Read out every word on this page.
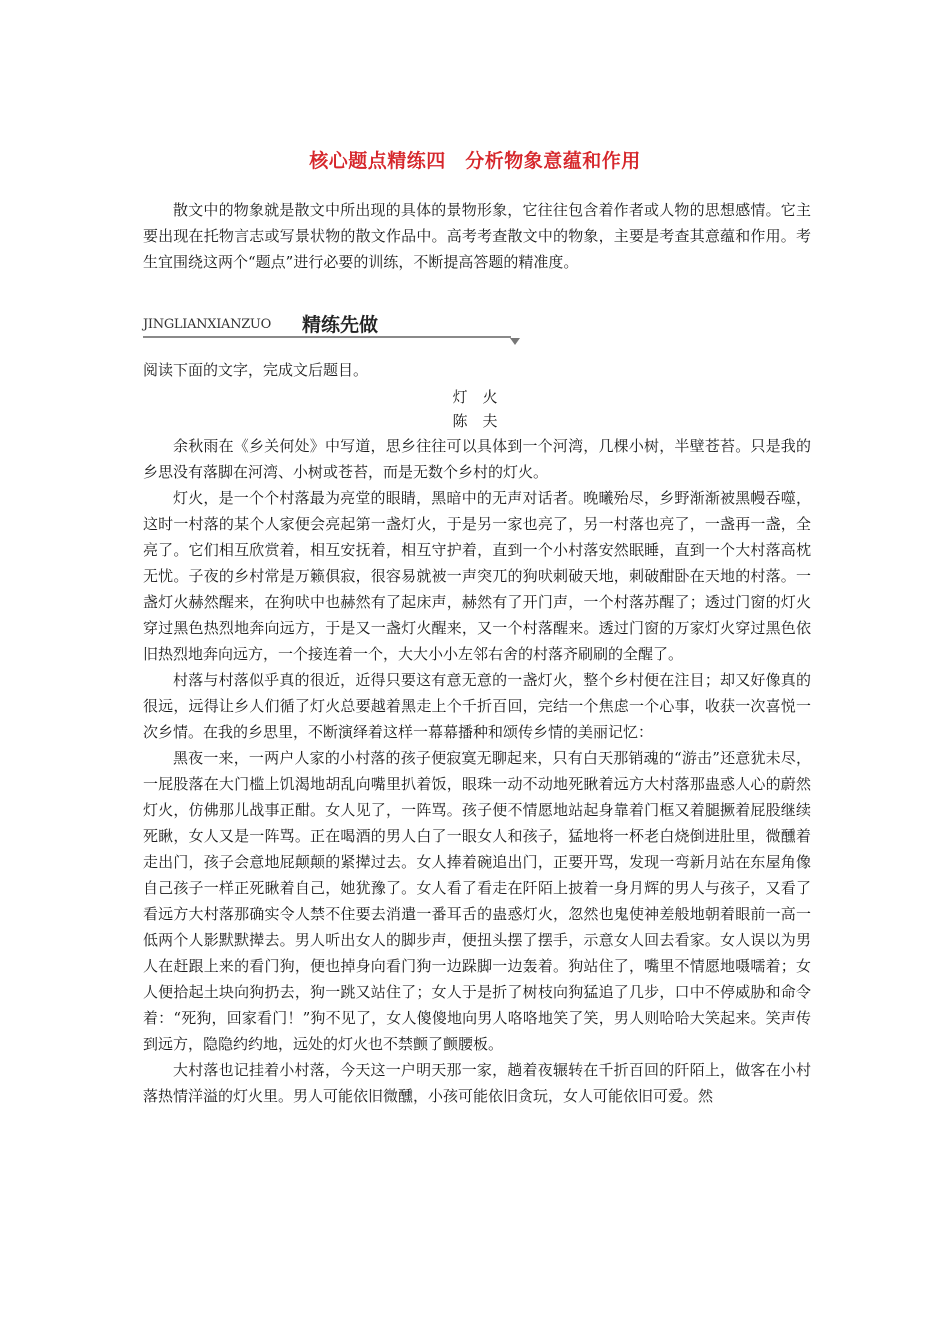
核心题点精练四　分析物象意蕴和作用

散文中的物象就是散文中所出现的具体的景物形象，它往往包含着作者或人物的思想感情。它主要出现在托物言志或写景状物的散文作品中。高考考查散文中的物象，主要是考查其意蕴和作用。考生宜围绕这两个“题点”进行必要的训练，不断提高答题的精准度。

JINGLIANXIANZUO 精练先做
阅读下面的文字，完成文后题目。
灯　火
陈　夫

余秋雨在《乡关何处》中写道，思乡往往可以具体到一个河湾，几棵小树，半壁苍苔。只是我的乡思没有落脚在河湾、小树或苍苔，而是无数个乡村的灯火。

灯火，是一个个村落最为亮堂的眼睛，黑暗中的无声对话者。晚曦殆尽，乡野渐渐被黑幔吞噬，这时一村落的某个人家便会亮起第一盏灯火，于是另一家也亮了，另一村落也亮了，一盏再一盏，全亮了。它们相互欣赏着，相互安抚着，相互守护着，直到一个小村落安然眠睡，直到一个大村落高枕无忧。子夜的乡村常是万籁俱寂，很容易就被一声突兀的狗吠刺破天地，刺破酣卧在天地的村落。一盏灯火赫然醒来，在狗吠中也赫然有了起床声，赫然有了开门声，一个村落苏醒了；透过门窗的灯火穿过黑色热烈地奔向远方，于是又一盏灯火醒来，又一个村落醒来。透过门窗的万家灯火穿过黑色依旧热烈地奔向远方，一个接连着一个，大大小小左邻右舍的村落齐刷刷的全醒了。

村落与村落似乎真的很近，近得只要这有意无意的一盏灯火，整个乡村便在注目；却又好像真的很远，远得让乡人们循了灯火总要越着黑走上个千折百回，完结一个焦虑一个心事，收获一次喜悦一次乡情。在我的乡思里，不断演绎着这样一幕幕播种和颂传乡情的美丽记忆：

黑夜一来，一两户人家的小村落的孩子便寂寞无聊起来，只有白天那销魂的“游击”还意犹未尽，一屁股落在大门槛上饥渴地胡乱向嘴里扒着饭，眼珠一动不动地死瞅着远方大村落那蛊惑人心的蔚然灯火，仿佛那儿战事正酣。女人见了，一阵骂。孩子便不情愿地站起身靠着门框又着腿撅着屁股继续死瞅，女人又是一阵骂。正在喝酒的男人白了一眼女人和孩子，猛地将一杯老白烧倒进肚里，微醺着走出门，孩子会意地屁颠颠的紧撵过去。女人捧着碗追出门，正要开骂，发现一弯新月站在东屋角像自己孩子一样正死瞅着自己，她犹豫了。女人看了看走在阡陌上披着一身月辉的男人与孩子，又看了看远方大村落那确实令人禁不住要去消遣一番耳舌的蛊惑灯火，忽然也鬼使神差般地朝着眼前一高一低两个人影默默撵去。男人听出女人的脚步声，便扭头摆了摆手，示意女人回去看家。女人误以为男人在赶跟上来的看门狗，便也掉身向看门狗一边跺脚一边轰着。狗站住了，嘴里不情愿地嗫嚅着；女人便拾起土块向狗扔去，狗一跳又站住了；女人于是折了树枝向狗猛追了几步，口中不停威胁和命令着：“死狗，回家看门！”狗不见了，女人傻傻地向男人咯咯地笑了笑，男人则哈哈大笑起来。笑声传到远方，隐隐约约地，远处的灯火也不禁颤了颤腰板。

大村落也记挂着小村落，今天这一户明天那一家，趟着夜辗转在千折百回的阡陌上，做客在小村落热情洋溢的灯火里。男人可能依旧微醺，小孩可能依旧贪玩，女人可能依旧可爱。然
